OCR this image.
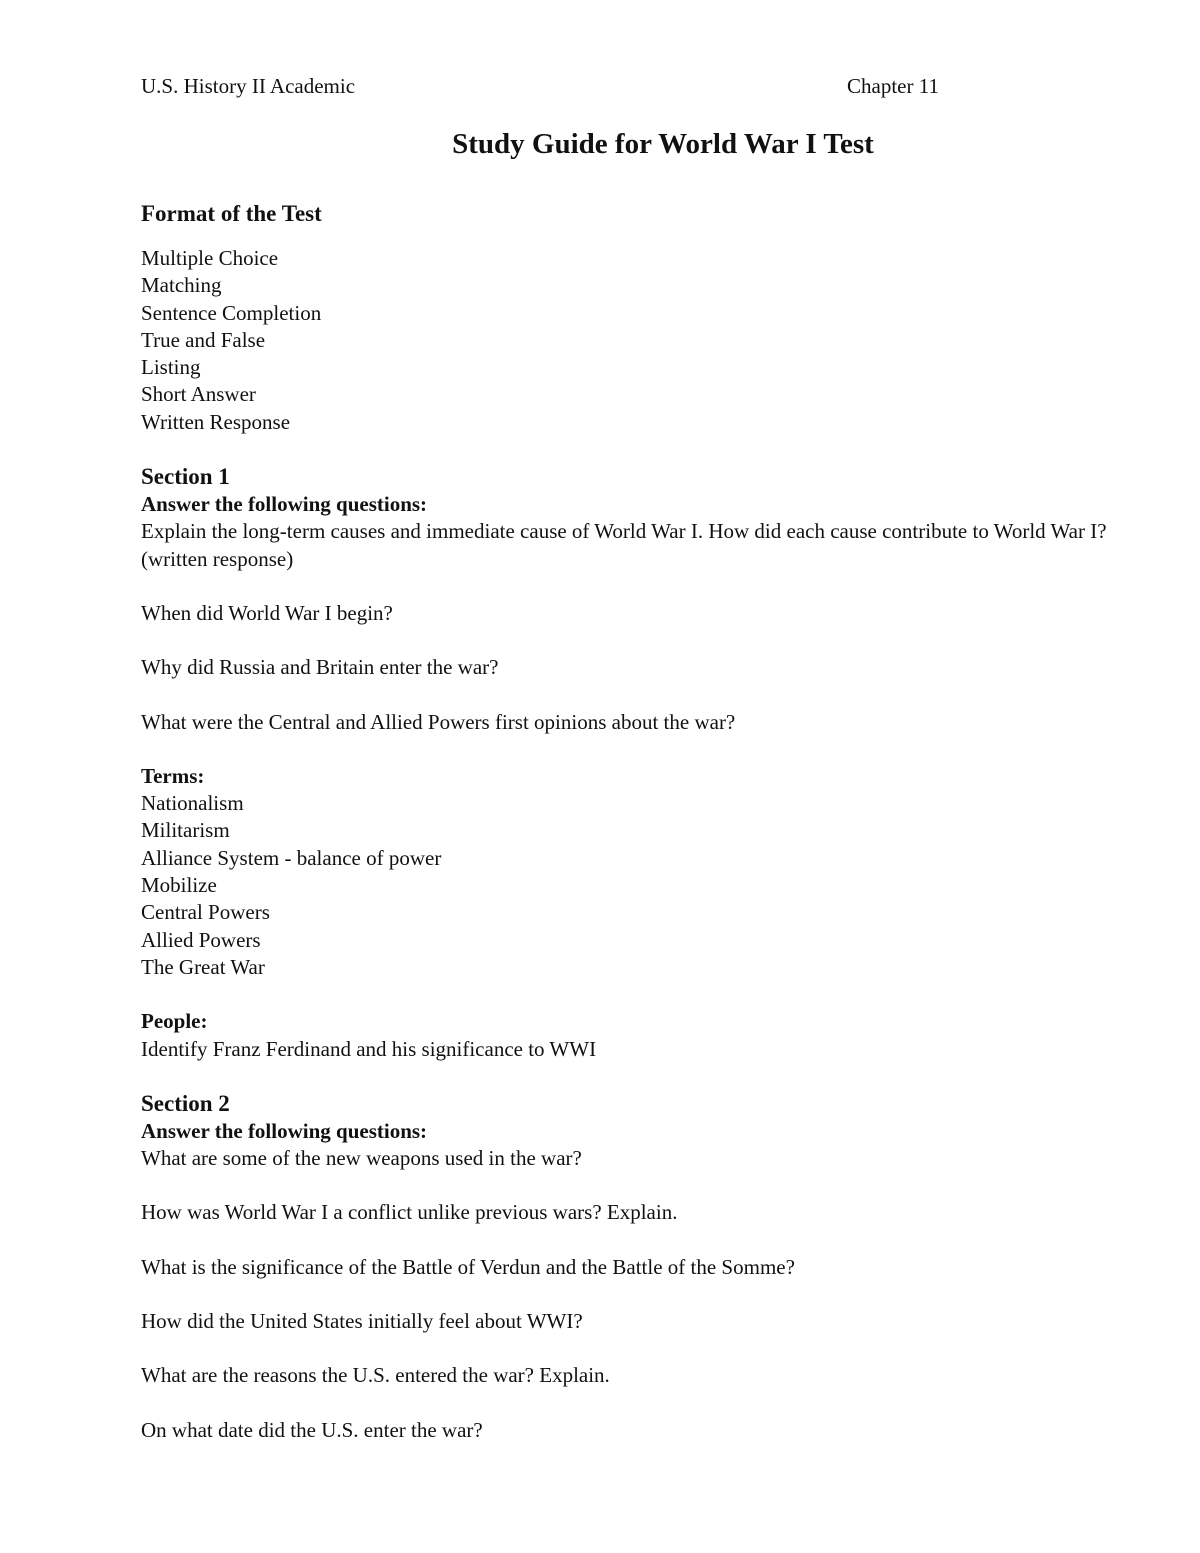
U.S. History II Academic	Chapter 11
Study Guide for World War I Test
Format of the Test
Multiple Choice
Matching
Sentence Completion
True and False
Listing
Short Answer
Written Response
Section 1
Answer the following questions:
Explain the long-term causes and immediate cause of World War I. How did each cause contribute to World War I? (written response)
When did World War I begin?
Why did Russia and Britain enter the war?
What were the Central and Allied Powers first opinions about the war?
Terms:
Nationalism
Militarism
Alliance System - balance of power
Mobilize
Central Powers
Allied Powers
The Great War
People:
Identify Franz Ferdinand and his significance to WWI
Section 2
Answer the following questions:
What are some of the new weapons used in the war?
How was World War I a conflict unlike previous wars? Explain.
What is the significance of the Battle of Verdun and the Battle of the Somme?
How did the United States initially feel about WWI?
What are the reasons the U.S. entered the war? Explain.
On what date did the U.S. enter the war?
